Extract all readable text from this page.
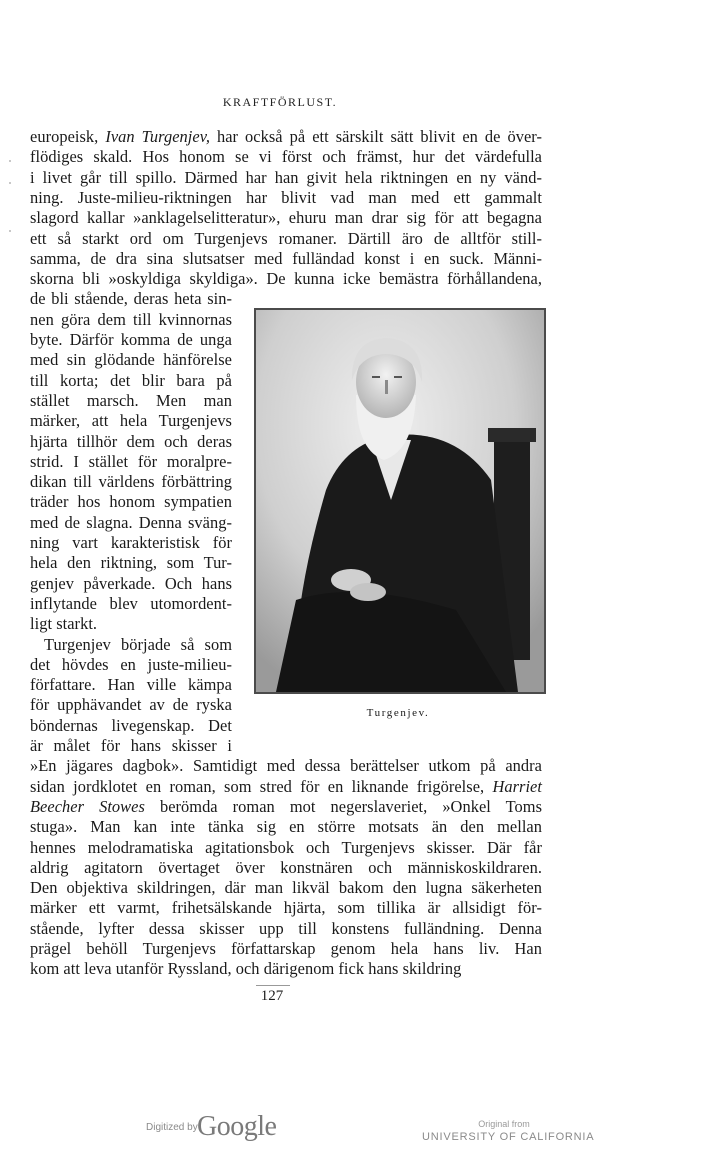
KRAFTFÖRLUST.
europeisk, Ivan Turgenjev, har också på ett särskilt sätt blivit en de över-
flödiges skald. Hos honom se vi först och främst, hur det värdefulla
i livet går till spillo. Därmed har han givit hela riktningen en ny vänd-
ning. Juste-milieu-riktningen har blivit vad man med ett gammalt
slagord kallar »anklagelselitteratur», ehuru man drar sig för att begagna
ett så starkt ord om Turgenjevs romaner. Därtill äro de alltför still-
samma, de dra sina slutsatser med fulländad konst i en suck. Männi-
skorna bli »oskyldiga skyldiga». De kunna icke bemästra förhållandena,
de bli stående, deras heta sin-
nen göra dem till kvinnornas
byte. Därför komma de unga
med sin glödande hänförelse
till korta; det blir bara på
stället marsch. Men man
märker, att hela Turgenjevs
hjärta tillhör dem och deras
strid. I stället för moralpre-
dikan till världens förbättring
träder hos honom sympatien
med de slagna. Denna sväng-
ning vart karakteristisk för
hela den riktning, som Tur-
genjev påverkade. Och hans
inflytande blev utomordent-
ligt starkt.
Turgenjev började så som
det hövdes en juste-milieu-
författare. Han ville kämpa
för upphävandet av de ryska
böndernas livegenskap. Det
är målet för hans skisser i
»En jägares dagbok». Samtidigt med dessa berättelser utkom på andra
sidan jordklotet en roman, som stred för en liknande frigörelse, Harriet
Beecher Stowes berömda roman mot negerslaveriet, »Onkel Toms
stuga». Man kan inte tänka sig en större motsats än den mellan
hennes melodramatiska agitationsbok och Turgenjevs skisser. Där får
aldrig agitatorn övertaget över konstnären och människoskildraren.
Den objektiva skildringen, där man likväl bakom den lugna säkerheten
märker ett varmt, frihetsälskande hjärta, som tillika är allsidigt för-
stående, lyfter dessa skisser upp till konstens fulländning. Denna
prägel behöll Turgenjevs författarskap genom hela hans liv. Han
kom att leva utanför Ryssland, och därigenom fick hans skildring
Turgenjev.
127
Digitized by Google	Original from
UNIVERSITY OF CALIFORNIA
